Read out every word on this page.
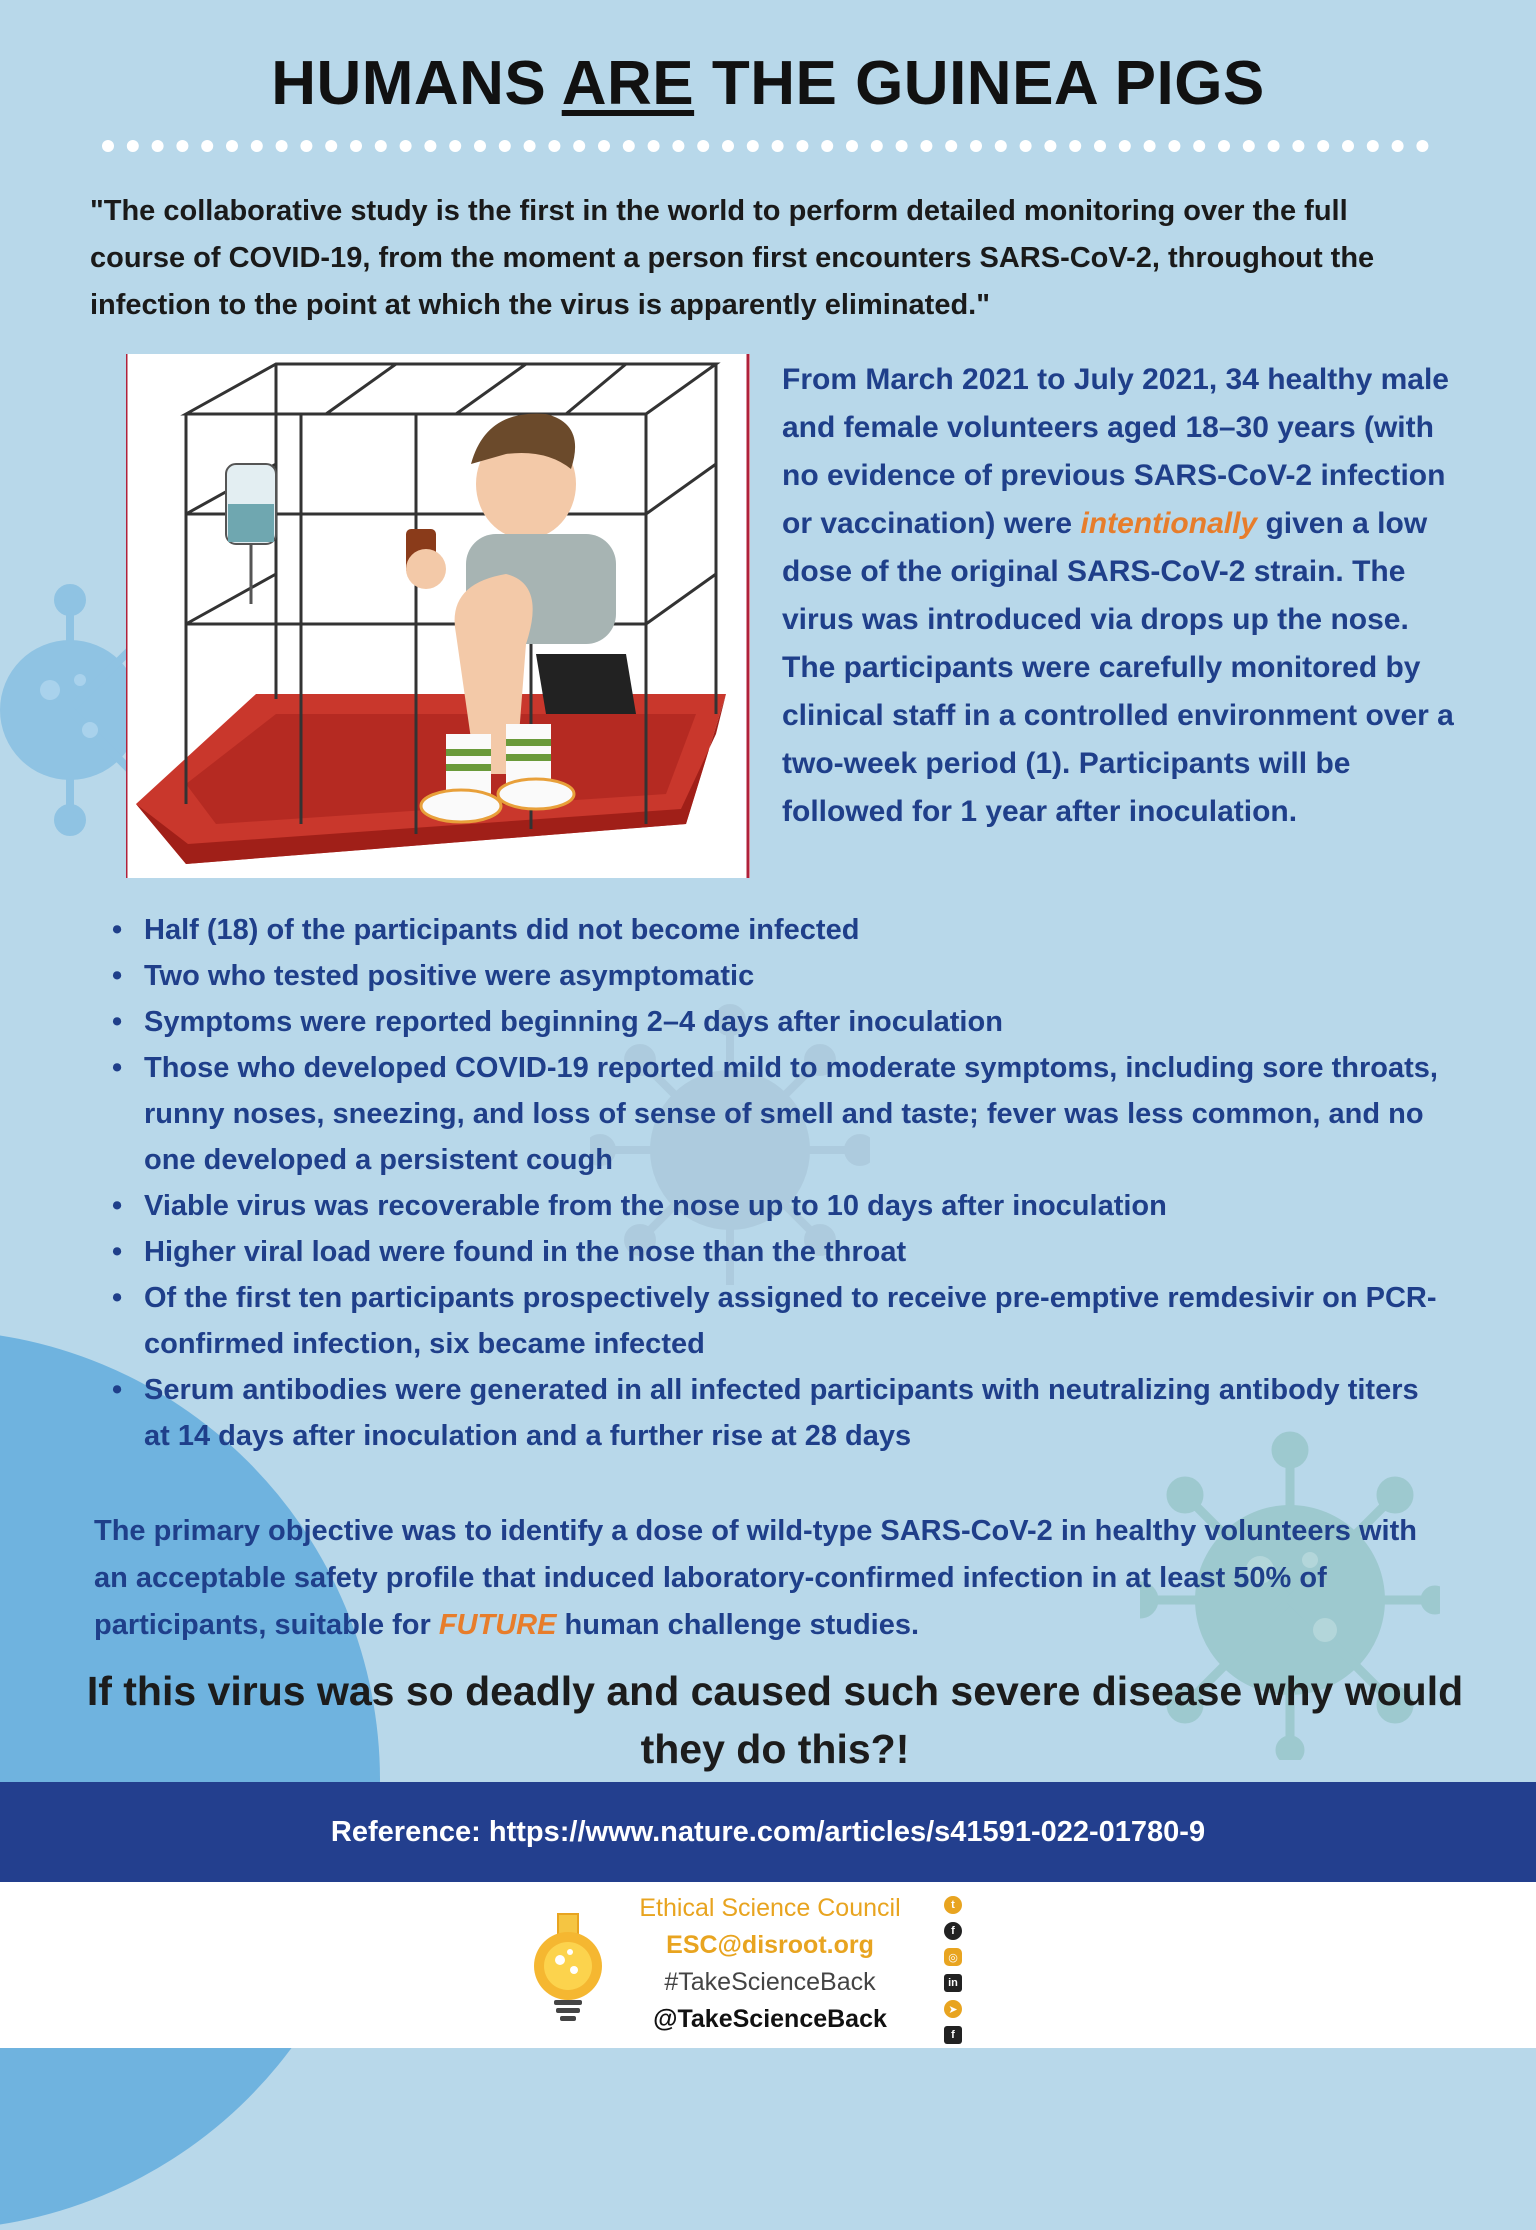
HUMANS ARE THE GUINEA PIGS
"The collaborative study is the first in the world to perform detailed monitoring over the full course of COVID-19, from the moment a person first encounters SARS-CoV-2, throughout the infection to the point at which the virus is apparently eliminated."
From March 2021 to July 2021, 34 healthy male and female volunteers aged 18–30 years (with no evidence of previous SARS-CoV-2 infection or vaccination) were intentionally given a low dose of the original SARS-CoV-2 strain. The virus was introduced via drops up the nose. The participants were carefully monitored by clinical staff in a controlled environment over a two-week period (1). Participants will be followed for 1 year after inoculation.
• Half (18) of the participants did not become infected
• Two who tested positive were asymptomatic
• Symptoms were reported beginning 2–4 days after inoculation
• Those who developed COVID-19 reported mild to moderate symptoms, including sore throats, runny noses, sneezing, and loss of sense of smell and taste; fever was less common, and no one developed a persistent cough
• Viable virus was recoverable from the nose up to 10 days after inoculation
• Higher viral load were found in the nose than the throat
• Of the first ten participants prospectively assigned to receive pre-emptive remdesivir on PCR-confirmed infection, six became infected
• Serum antibodies were generated in all infected participants with neutralizing antibody titers at 14 days after inoculation and a further rise at 28 days
The primary objective was to identify a dose of wild-type SARS-CoV-2 in healthy volunteers with an acceptable safety profile that induced laboratory-confirmed infection in at least 50% of participants, suitable for FUTURE human challenge studies.
If this virus was so deadly and caused such severe disease why would they do this?!
Reference: https://www.nature.com/articles/s41591-022-01780-9
Ethical Science Council
ESC@disroot.org
#TakeScienceBack
@TakeScienceBack
t
f
◎
in
➤
f
